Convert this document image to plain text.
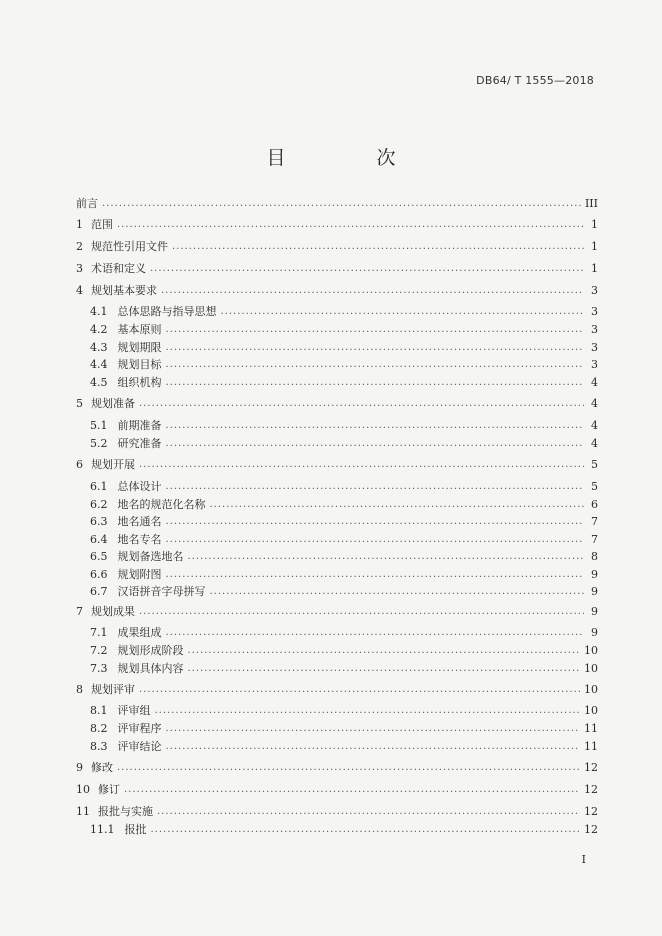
DB64/ T 1555—2018
目　次
前言 .....	III
1 范围 .....	1
2 规范性引用文件 .....	1
3 术语和定义 .....	1
4 规划基本要求 .....	3
4.1 总体思路与指导思想 .....	3
4.2 基本原则 .....	3
4.3 规划期限 .....	3
4.4 规划目标 .....	3
4.5 组织机构 .....	4
5 规划准备 .....	4
5.1 前期准备 .....	4
5.2 研究准备 .....	4
6 规划开展 .....	5
6.1 总体设计 .....	5
6.2 地名的规范化名称 .....	6
6.3 地名通名 .....	7
6.4 地名专名 .....	7
6.5 规划备选地名 .....	8
6.6 规划附图 .....	9
6.7 汉语拼音字母拼写 .....	9
7 规划成果 .....	9
7.1 成果组成 .....	9
7.2 规划形成阶段 .....	10
7.3 规划具体内容 .....	10
8 规划评审 .....	10
8.1 评审组 .....	10
8.2 评审程序 .....	11
8.3 评审结论 .....	11
9 修改 .....	12
10 修订 .....	12
11 报批与实施 .....	12
11.1 报批 .....	12
I
